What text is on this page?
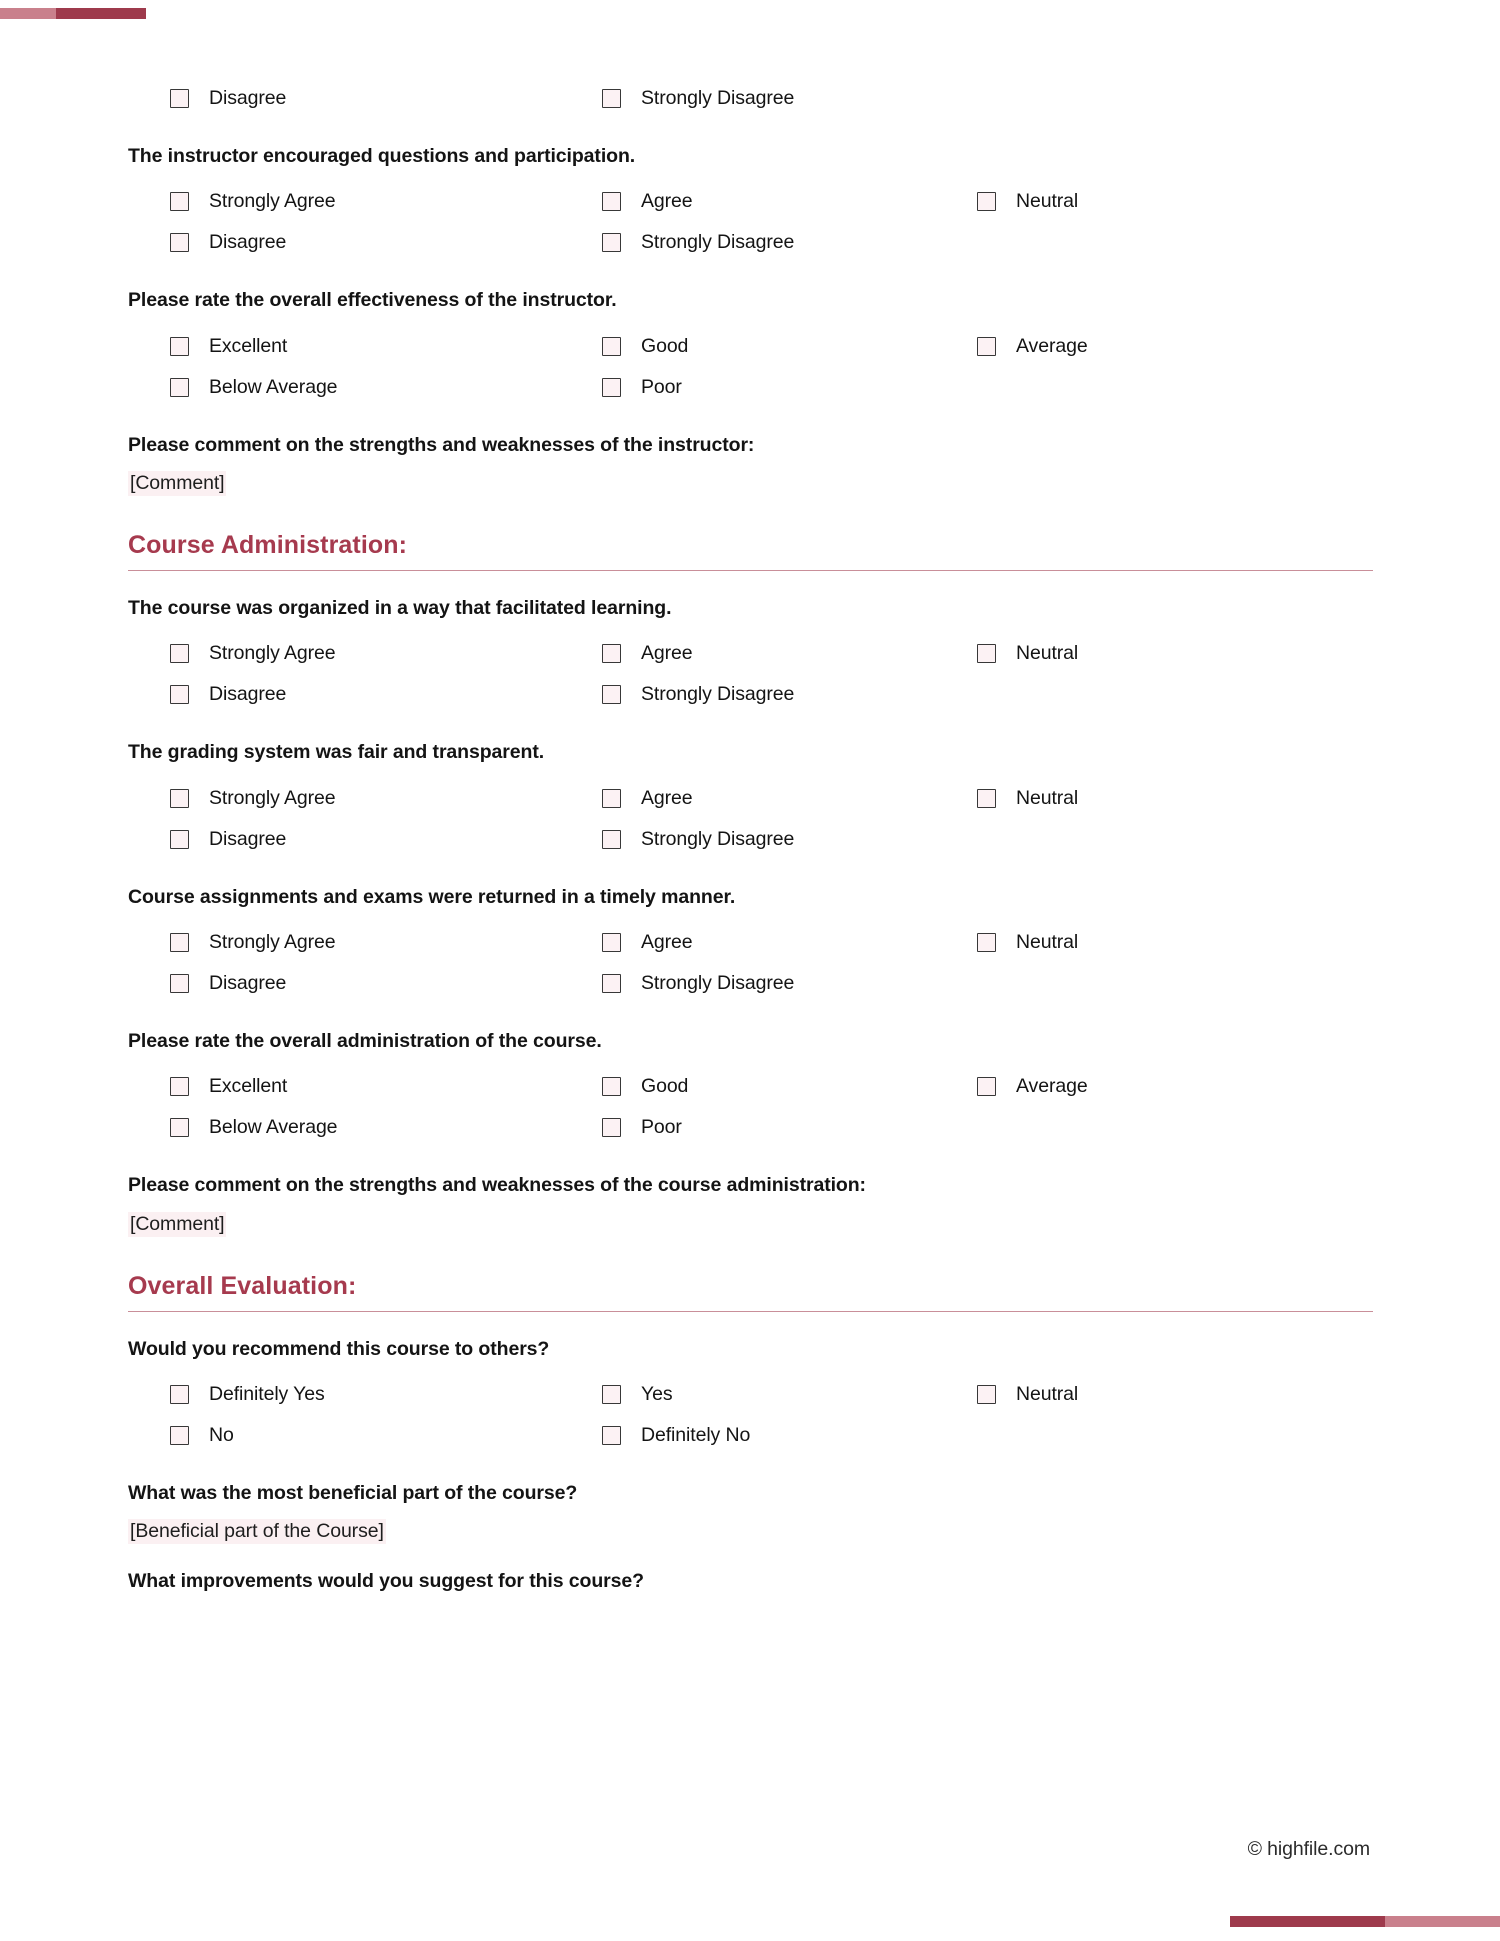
Disagree	Strongly Disagree
The instructor encouraged questions and participation.
Strongly Agree	Agree	Neutral
Disagree	Strongly Disagree
Please rate the overall effectiveness of the instructor.
Excellent	Good	Average
Below Average	Poor
Please comment on the strengths and weaknesses of the instructor:
[Comment]
Course Administration:
The course was organized in a way that facilitated learning.
Strongly Agree	Agree	Neutral
Disagree	Strongly Disagree
The grading system was fair and transparent.
Strongly Agree	Agree	Neutral
Disagree	Strongly Disagree
Course assignments and exams were returned in a timely manner.
Strongly Agree	Agree	Neutral
Disagree	Strongly Disagree
Please rate the overall administration of the course.
Excellent	Good	Average
Below Average	Poor
Please comment on the strengths and weaknesses of the course administration:
[Comment]
Overall Evaluation:
Would you recommend this course to others?
Definitely Yes	Yes	Neutral
No	Definitely No
What was the most beneficial part of the course?
[Beneficial part of the Course]
What improvements would you suggest for this course?
© highfile.com
